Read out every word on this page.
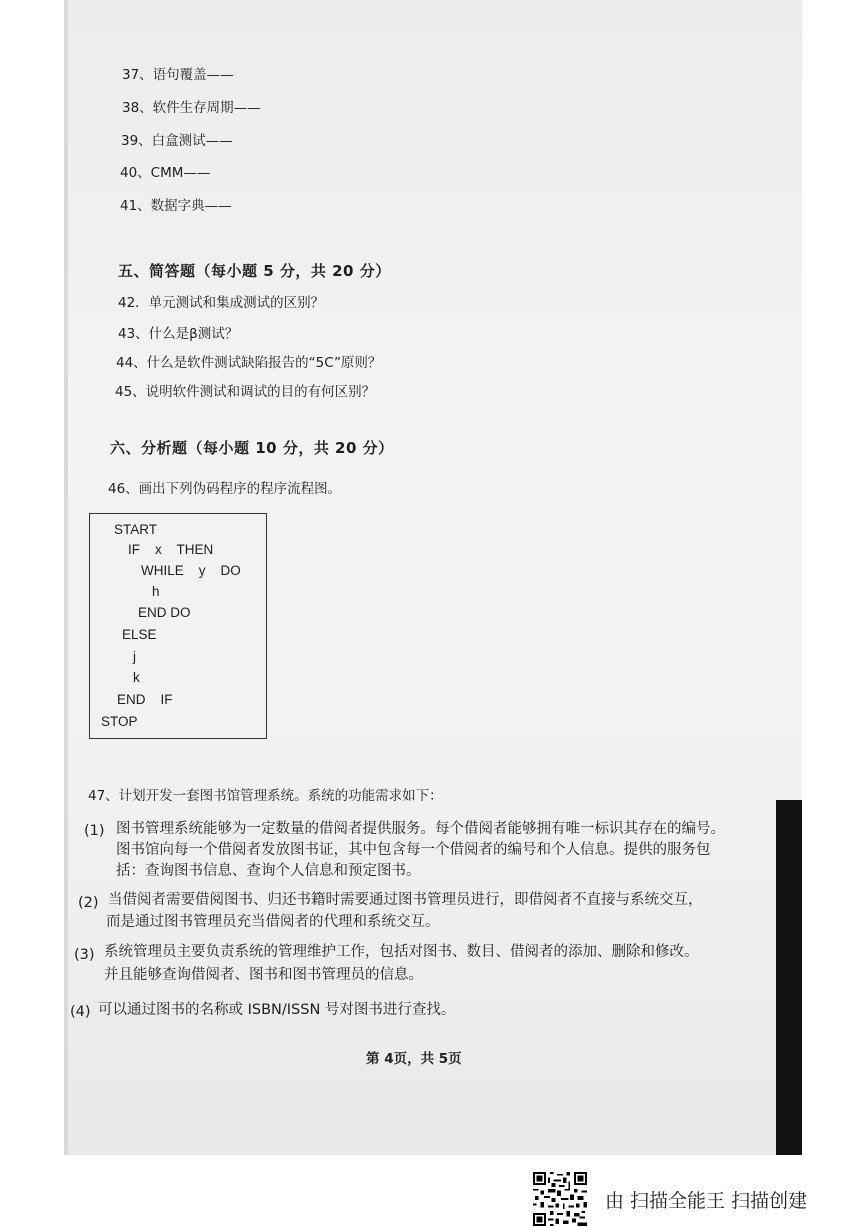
37、语句覆盖——
38、软件生存周期——
39、白盒测试——
40、CMM——
41、数据字典——
五、简答题（每小题 5 分，共 20 分）
42．单元测试和集成测试的区别？
43、什么是β测试？
44、什么是软件测试缺陷报告的“5C”原则？
45、说明软件测试和调试的目的有何区别？
六、分析题（每小题 10 分，共 20 分）
46、画出下列伪码程序的程序流程图。
START
IF    x    THEN
WHILE    y    DO
h
END DO
ELSE
j
k
END    IF
STOP
47、计划开发一套图书馆管理系统。系统的功能需求如下：
(1) 图书管理系统能够为一定数量的借阅者提供服务。每个借阅者能够拥有唯一标识其存在的编号。
图书馆向每一个借阅者发放图书证，其中包含每一个借阅者的编号和个人信息。提供的服务包
括：查询图书信息、查询个人信息和预定图书。
(2) 当借阅者需要借阅图书、归还书籍时需要通过图书管理员进行，即借阅者不直接与系统交互，
而是通过图书管理员充当借阅者的代理和系统交互。
(3) 系统管理员主要负责系统的管理维护工作，包括对图书、数目、借阅者的添加、删除和修改。
并且能够查询借阅者、图书和图书管理员的信息。
(4) 可以通过图书的名称或 ISBN/ISSN 号对图书进行查找。
第 4页，共 5页
由 扫描全能王 扫描创建
